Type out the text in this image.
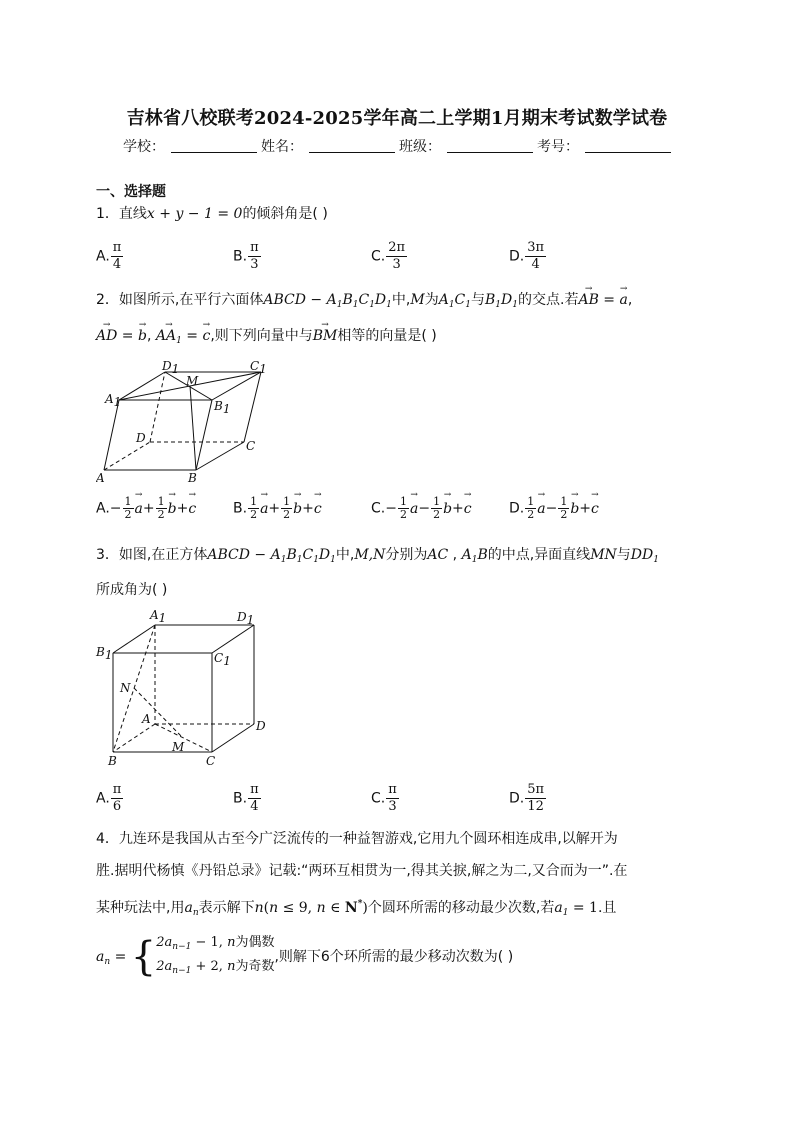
吉林省八校联考2024-2025学年高二上学期1月期末考试数学试卷
学校：	姓名：	班级：	考号：
一、选择题
1．直线x + y − 1 = 0的倾斜角是( )
A. $\frac{\pi}{4}$	B. $\frac{\pi}{3}$	C. $\frac{2\pi}{3}$	D. $\frac{3\pi}{4}$
2．如图所示,在平行六面体ABCD − $A_1B_1C_1D_1$中,M为$A_1C_1$与$B_1D_1$的交点.若→ AB = → a,
→ AD = → b, → $AA_1$ = → c,则下列向量中与→ BM相等的向量是( )
A	B
C
D
A1	B1
C1
D1
M
$A.- \frac{1}{2}$
→ $a+ \frac{1}{2}$
→ b+→ c	B. $\frac{1}{2}$
→ $a+ \frac{1}{2}$
→ b+→ c	$C.- \frac{1}{2}$
→ $a- \frac{1}{2}$
→ b+→ c	D. $\frac{1}{2}$
→ $a- \frac{1}{2}$
→ b+→ c
3．如图,在正方体ABCD − $A_1B_1C_1D_1$中,M,N分别为AC , $A_1B$的中点,异面直线MN与$DD_1$
所成角为( )
A1	D1
B1	C1
N
A	D
M
B	C
A. $\frac{\pi}{6}$	B. $\frac{\pi}{4}$	C. $\frac{\pi}{3}$	D. $\frac{5\pi}{12}$
4．九连环是我国从古至今广泛流传的一种益智游戏,它用九个圆环相连成串,以解开为
胜.据明代杨慎《丹铅总录》记载:“两环互相贯为一,得其关捩,解之为二,又合而为一”.在
某种玩法中,用$a_n$表示解下n(n ≤ 9, n ∈ N*)个圆环所需的移动最少次数,若$a_1 = 1$.且
$a_n$ = { $2a_{n-1} - 1$, n为偶数
$2a_{n-1} + 2$, n为奇数
,则解下6个环所需的最少移动次数为( )
